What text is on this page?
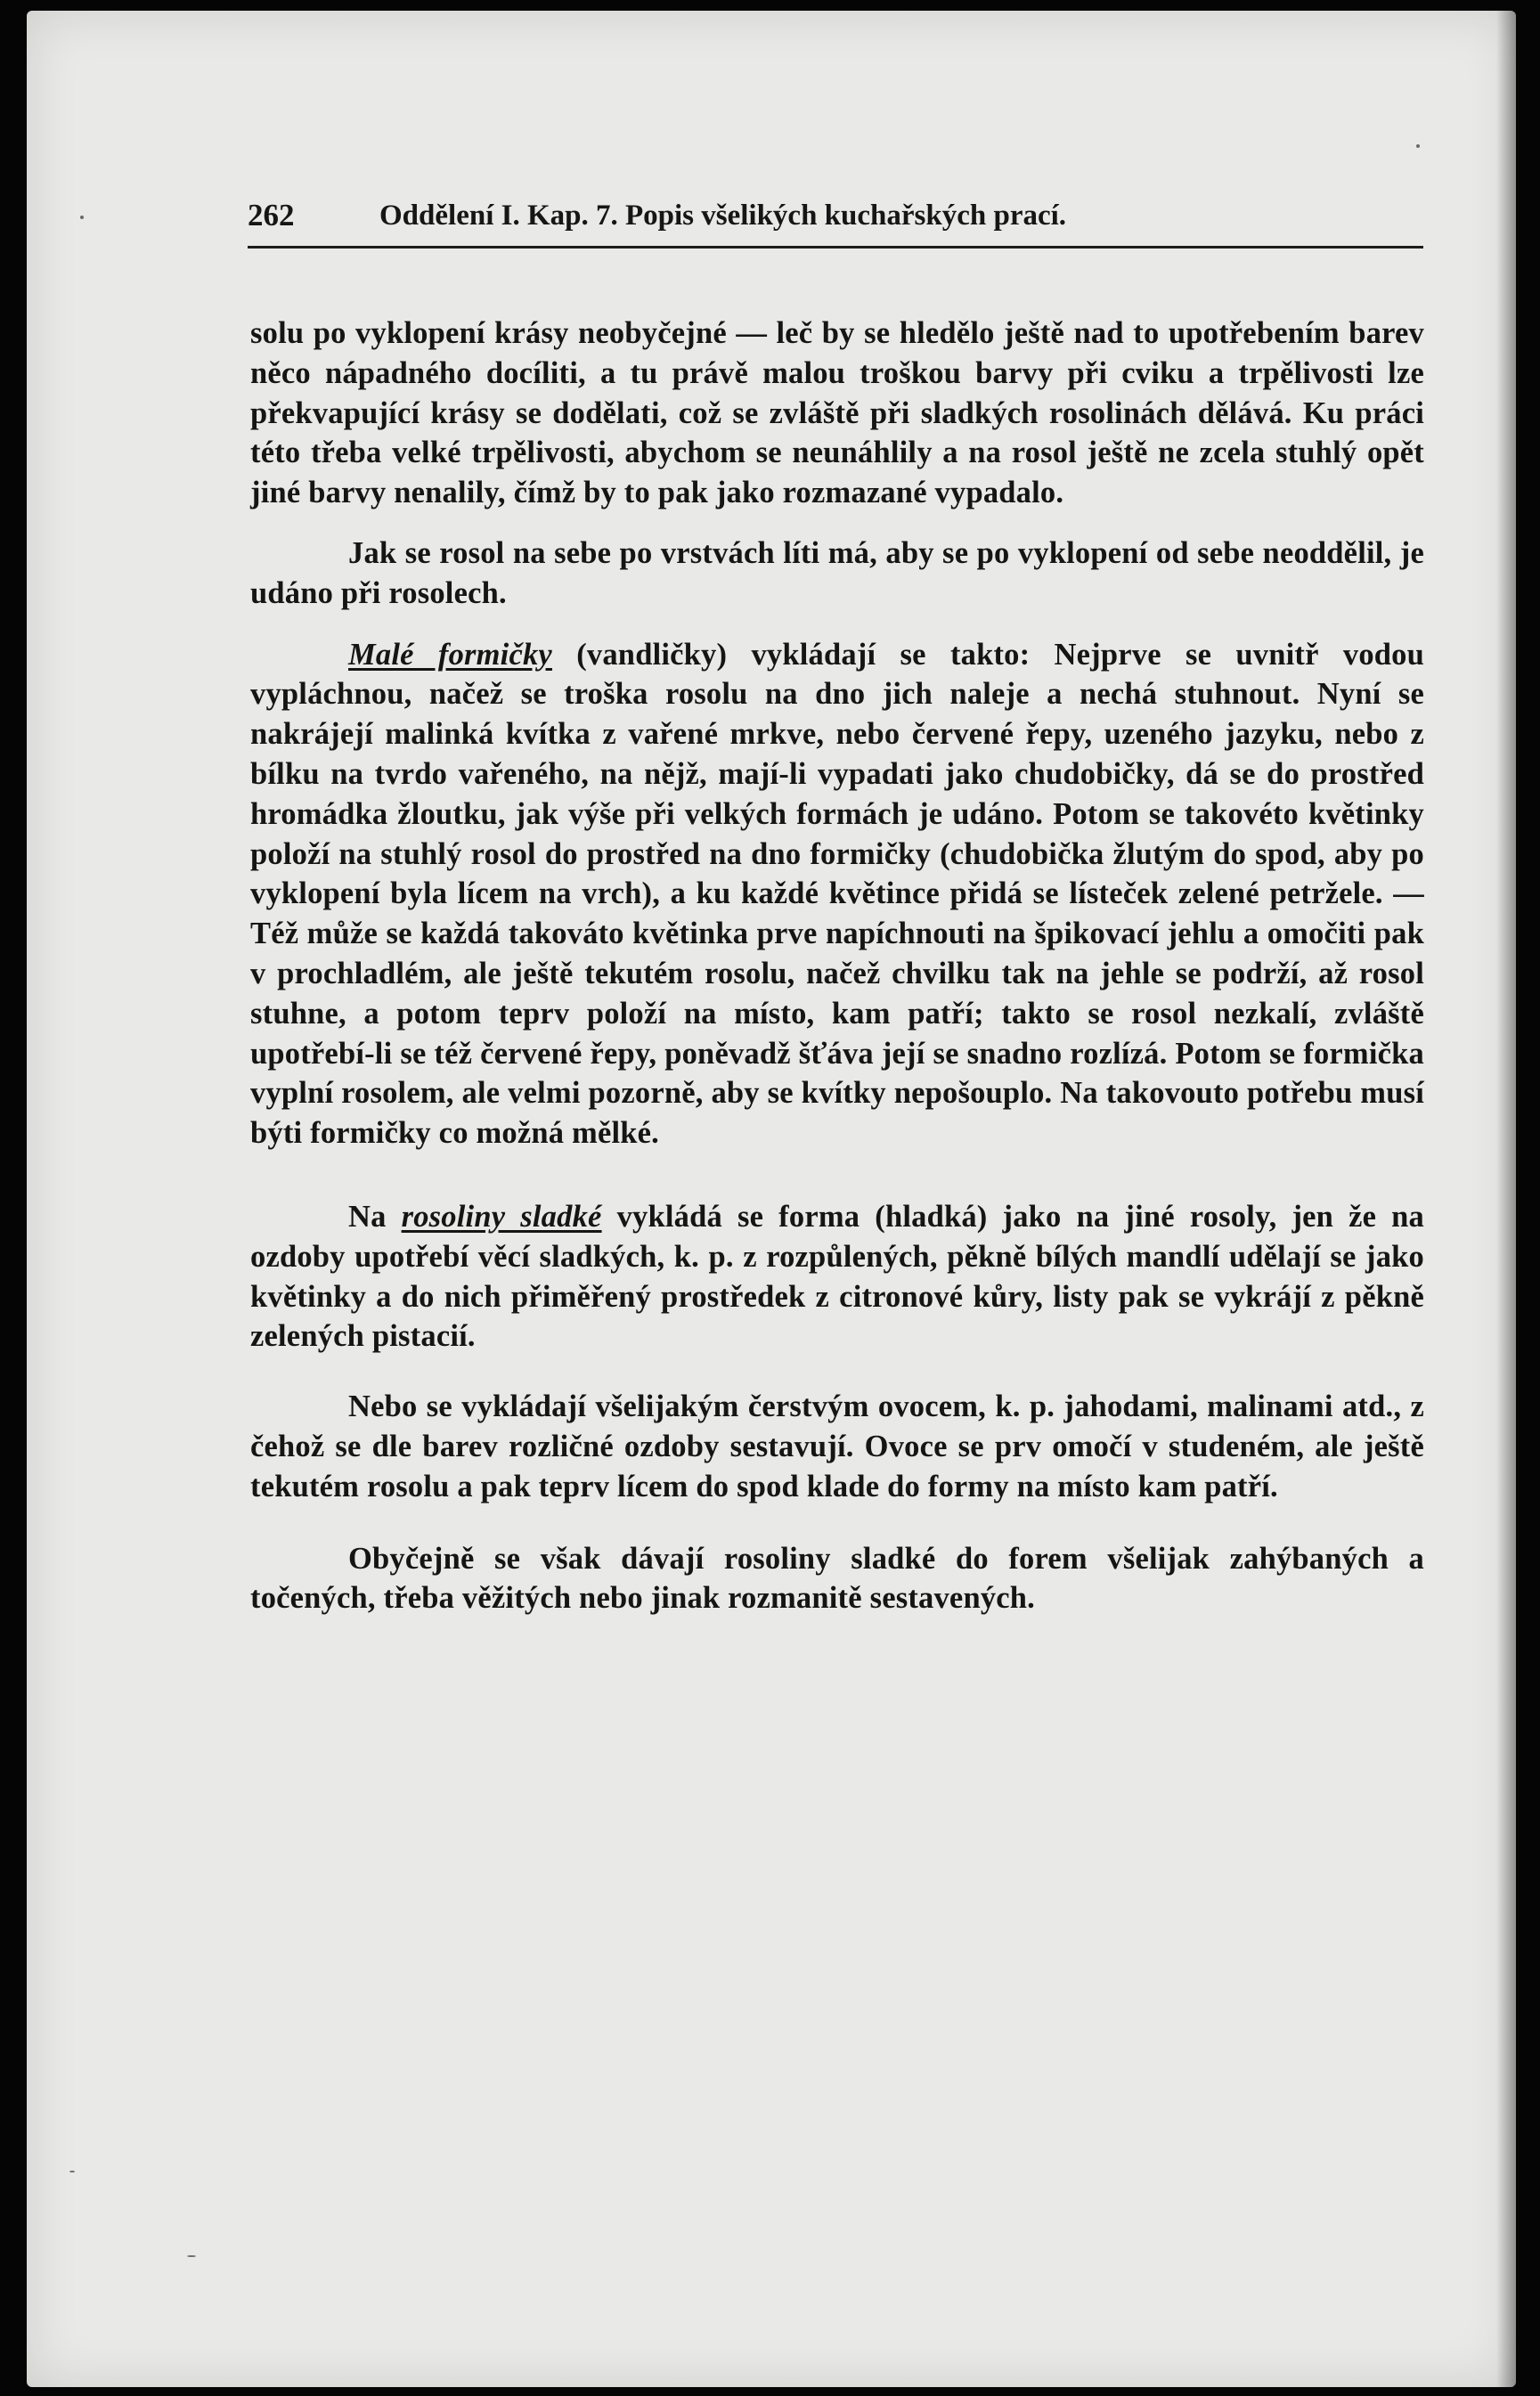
262	Oddělení I. Kap. 7. Popis všelikých kuchařských prací.

solu po vyklopení krásy neobyčejné — leč by se hledělo ještě nad to upotřebením barev něco nápadného docíliti, a tu právě malou troškou barvy při cviku a trpělivosti lze překvapující krásy se dodělati, což se zvláště při sladkých rosolinách dělává. Ku práci této třeba velké trpělivosti, abychom se neunáhlily a na rosol ještě ne zcela stuhlý opět jiné barvy nenalily, čímž by to pak jako rozmazané vypadalo.

Jak se rosol na sebe po vrstvách líti má, aby se po vyklopení od sebe neoddělil, je udáno při rosolech.

Malé formičky (vandličky) vykládají se takto: Nejprve se uvnitř vodou vypláchnou, načež se troška rosolu na dno jich naleje a nechá stuhnout. Nyní se nakrájejí malinká kvítka z vařené mrkve, nebo červené řepy, uzeného jazyku, nebo z bílku na tvrdo vařeného, na nějž, mají-li vypadati jako chudobičky, dá se do prostřed hromádka žloutku, jak výše při velkých formách je udáno. Potom se takovéto květinky položí na stuhlý rosol do prostřed na dno formičky (chudobička žlutým do spod, aby po vyklopení byla lícem na vrch), a ku každé květince přidá se lísteček zelené petržele. — Též může se každá takováto květinka prve napíchnouti na špikovací jehlu a omočiti pak v prochladlém, ale ještě tekutém rosolu, načež chvilku tak na jehle se podrží, až rosol stuhne, a potom teprv položí na místo, kam patří; takto se rosol nezkalí, zvláště upotřebí-li se též červené řepy, poněvadž šťáva její se snadno rozlízá. Potom se formička vyplní rosolem, ale velmi pozorně, aby se kvítky nepošouplo. Na takovouto potřebu musí býti formičky co možná mělké.

Na rosoliny sladké vykládá se forma (hladká) jako na jiné rosoly, jen že na ozdoby upotřebí věcí sladkých, k. p. z rozpůlených, pěkně bílých mandlí udělají se jako květinky a do nich přiměřený prostředek z citronové kůry, listy pak se vykrájí z pěkně zelených pistacií.

Nebo se vykládají všelijakým čerstvým ovocem, k. p. jahodami, malinami atd., z čehož se dle barev rozličné ozdoby sestavují. Ovoce se prv omočí v studeném, ale ještě tekutém rosolu a pak teprv lícem do spod klade do formy na místo kam patří.

Obyčejně se však dávají rosoliny sladké do forem všelijak zahýbaných a točených, třeba věžitých nebo jinak rozmanitě sestavených.
